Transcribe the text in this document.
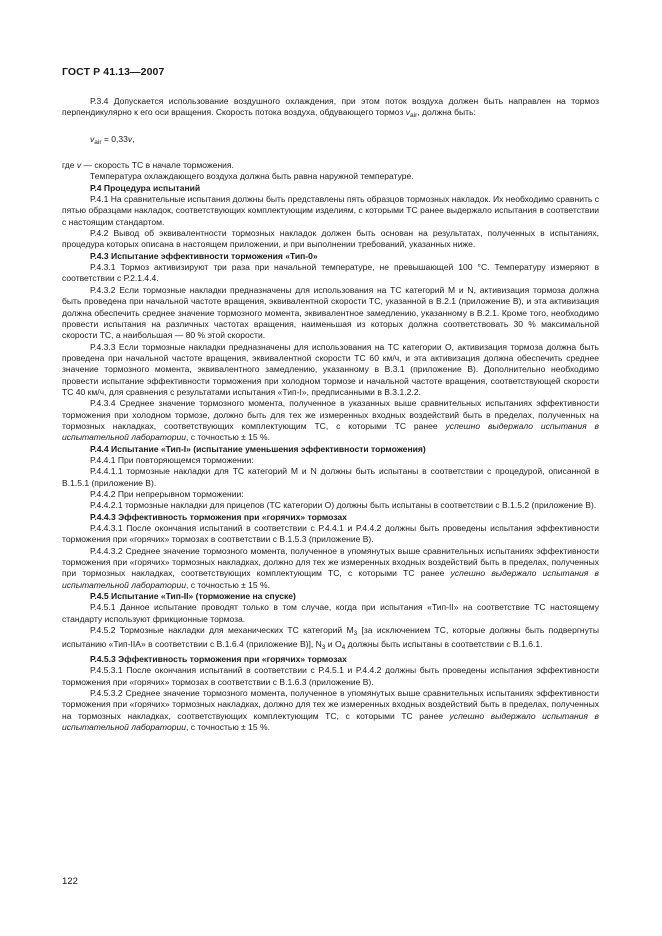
ГОСТ Р 41.13—2007

Р.3.4 Допускается использование воздушного охлаждения, при этом поток воздуха должен быть направлен на тормоз перпендикулярно к его оси вращения. Скорость потока воздуха, обдувающего тормоз $v_{air}$, должна быть:

$v_{air} = 0,33v$,

где v — скорость ТС в начале торможения.

Температура охлаждающего воздуха должна быть равна наружной температуре.

Р.4 Процедура испытаний

Р.4.1 На сравнительные испытания должны быть представлены пять образцов тормозных накладок. Их необходимо сравнить с пятью образцами накладок, соответствующих комплектующим изделиям, с которыми ТС ранее выдержало испытания в соответствии с настоящим стандартом.

Р.4.2 Вывод об эквивалентности тормозных накладок должен быть основан на результатах, полученных в испытаниях, процедура которых описана в настоящем приложении, и при выполнении требований, указанных ниже.

Р.4.3 Испытание эффективности торможения «Тип-0»

Р.4.3.1 Тормоз активизируют три раза при начальной температуре, не превышающей 100 °С. Температуру измеряют в соответствии с Р.2.1.4.4.

Р.4.3.2 Если тормозные накладки предназначены для использования на ТС категорий М и N, активизация тормоза должна быть проведена при начальной частоте вращения, эквивалентной скорости ТС, указанной в В.2.1 (приложение В), и эта активизация должна обеспечить среднее значение тормозного момента, эквивалентное замедлению, указанному в В.2.1. Кроме того, необходимо провести испытания на различных частотах вращения, наименьшая из которых должна соответствовать 30 % максимальной скорости ТС, а наибольшая — 80 % этой скорости.

Р.4.3.3 Если тормозные накладки предназначены для использования на ТС категории О, активизация тормоза должна быть проведена при начальной частоте вращения, эквивалентной скорости ТС 60 км/ч, и эта активизация должна обеспечить среднее значение тормозного момента, эквивалентного замедлению, указанному в В.3.1 (приложение В). Дополнительно необходимо провести испытание эффективности торможения при холодном тормозе и начальной частоте вращения, соответствующей скорости ТС 40 км/ч, для сравнения с результатами испытания «Тип-I», предписанными в В.3.1.2.2.

Р.4.3.4 Среднее значение тормозного момента, полученное в указанных выше сравнительных испытаниях эффективности торможения при холодном тормозе, должно быть для тех же измеренных входных воздействий быть в пределах, полученных на тормозных накладках, соответствующих комплектующим ТС, с которыми ТС ранее успешно выдержало испытания в испытательной лаборатории, с точностью ± 15 %.

Р.4.4 Испытание «Тип-I» (испытание уменьшения эффективности торможения)

Р.4.4.1 При повторяющемся торможении:

Р.4.4.1.1 тормозные накладки для ТС категорий М и N должны быть испытаны в соответствии с процедурой, описанной в В.1.5.1 (приложение В).

Р.4.4.2 При непрерывном торможении:

Р.4.4.2.1 тормозные накладки для прицепов (ТС категории О) должны быть испытаны в соответствии с В.1.5.2 (приложение В).

Р.4.4.3 Эффективность торможения при «горячих» тормозах

Р.4.4.3.1 После окончания испытаний в соответствии с Р.4.4.1 и Р.4.4.2 должны быть проведены испытания эффективности торможения при «горячих» тормозах в соответствии с В.1.5.3 (приложение В).

Р.4.4.3.2 Среднее значение тормозного момента, полученное в упомянутых выше сравнительных испытаниях эффективности торможения при «горячих» тормозных накладках, должно для тех же измеренных входных воздействий быть в пределах, полученных при тормозных накладках, соответствующих комплектующим ТС, с которыми ТС ранее успешно выдержало испытания в испытательной лаборатории, с точностью ± 15 %.

Р.4.5 Испытание «Тип-II» (торможение на спуске)

Р.4.5.1 Данное испытание проводят только в том случае, когда при испытания «Тип-II» на соответствие ТС настоящему стандарту используют фрикционные тормоза.

Р.4.5.2 Тормозные накладки для механических ТС категорий $М_3$ [за исключением ТС, которые должны быть подвергнуты испытанию «Тип-IIА» в соответствии с В.1.6.4 (приложение В)], $N_3$ и $О_4$ должны быть испытаны в соответствии с В.1.6.1.

Р.4.5.3 Эффективность торможения при «горячих» тормозах

Р.4.5.3.1 После окончания испытаний в соответствии с Р.4.5.1 и Р.4.4.2 должны быть проведены испытания эффективности торможения при «горячих» тормозах в соответствии с В.1.6.3 (приложение В).

Р.4.5.3.2 Среднее значение тормозного момента, полученное в упомянутых выше сравнительных испытаниях эффективности торможения при «горячих» тормозных накладках, должно для тех же измеренных входных воздействий быть в пределах, полученных на тормозных накладках, соответствующих комплектующим ТС, с которыми ТС ранее успешно выдержало испытания в испытательной лаборатории, с точностью ± 15 %.

122
